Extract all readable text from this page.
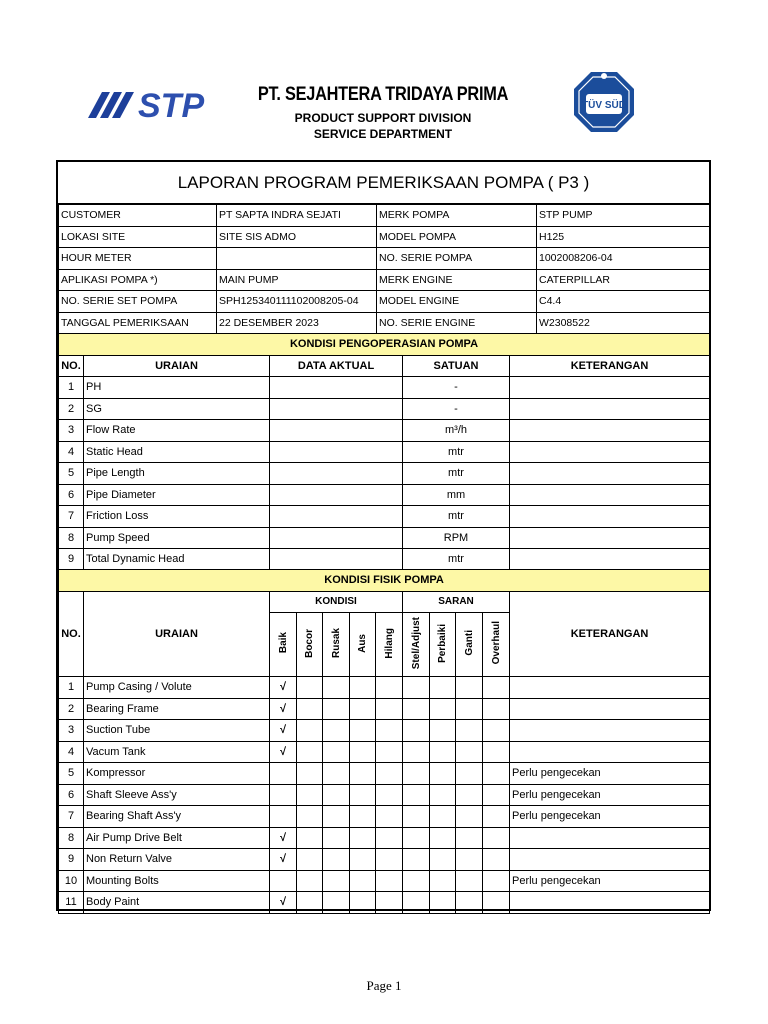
STP	PT. SEJAHTERA TRIDAYA PRIMA
PRODUCT SUPPORT DIVISION
SERVICE DEPARTMENT
TÜV SÜD
LAPORAN PROGRAM PEMERIKSAAN POMPA ( P3 )
CUSTOMER	PT SAPTA INDRA SEJATI	MERK POMPA	STP PUMP
LOKASI SITE	SITE SIS ADMO	MODEL POMPA	H125
HOUR METER		NO. SERIE POMPA	1002008206-04
APLIKASI POMPA *)	MAIN PUMP	MERK ENGINE	CATERPILLAR
NO. SERIE SET POMPA	SPH125340111102008205-04	MODEL ENGINE	C4.4
TANGGAL PEMERIKSAAN	22 DESEMBER 2023	NO. SERIE ENGINE	W2308522
KONDISI PENGOPERASIAN POMPA				
NO.	URAIAN	DATA AKTUAL	SATUAN	KETERANGAN
1	PH		-	
2	SG		-	
3	Flow Rate		m³/h	
4	Static Head		mtr	
5	Pipe Length		mtr	
6	Pipe Diameter		mm	
7	Friction Loss		mtr	
8	Pump Speed		RPM	
9	Total Dynamic Head		mtr	
KONDISI FISIK POMPA											
NO.	URAIAN	KONDISI					SARAN				KETERANGAN
		Baik	Bocor	Rusak	Aus	Hilang	Stel/Adjust	Perbaiki	Ganti	Overhaul	
1	Pump Casing / Volute	√									
2	Bearing Frame	√									
3	Suction Tube	√									
4	Vacum Tank	√									
5	Kompressor										Perlu pengecekan
6	Shaft Sleeve Ass'y										Perlu pengecekan
7	Bearing Shaft Ass'y										Perlu pengecekan
8	Air Pump Drive Belt	√									
9	Non Return Valve	√									
10	Mounting Bolts										Perlu pengecekan
11	Body Paint	√									
Page 1
